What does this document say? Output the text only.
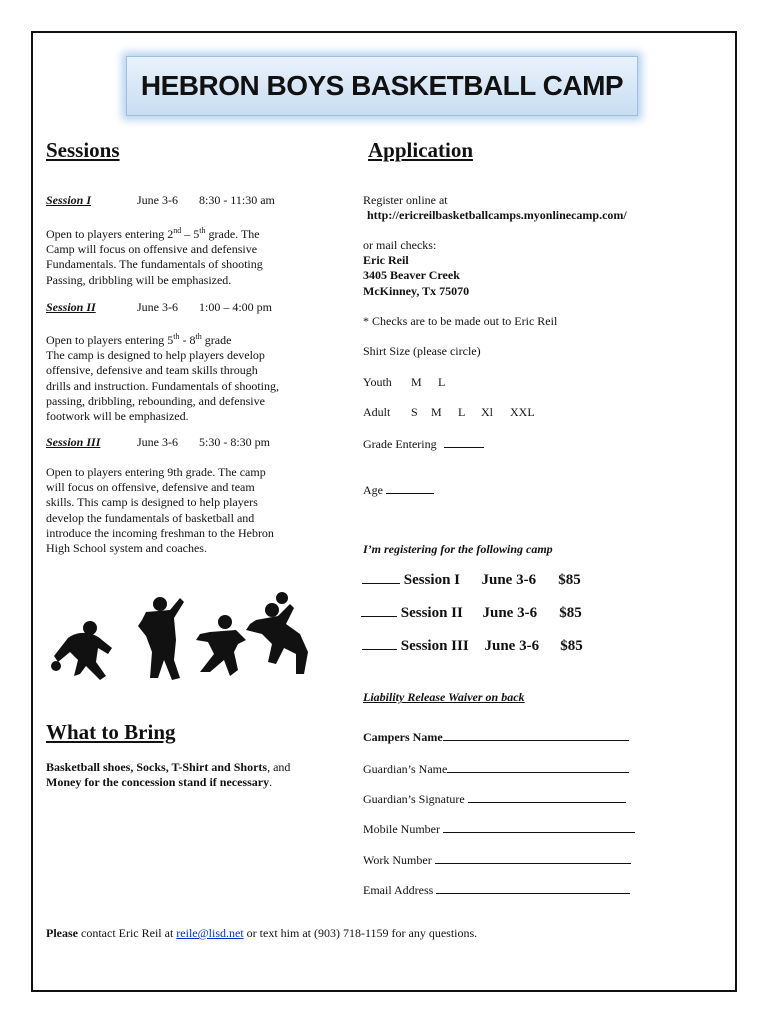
HEBRON BOYS BASKETBALL CAMP
Sessions
Session I	June 3-6 8:30 - 11:30 am
Open to players entering 2nd – 5th grade. The
Camp will focus on offensive and defensive
Fundamentals. The fundamentals of shooting
Passing, dribbling will be emphasized.
Session II	June 3-6 1:00 – 4:00 pm
Open to players entering 5th - 8th grade
The camp is designed to help players develop
offensive, defensive and team skills through
drills and instruction. Fundamentals of shooting,
passing, dribbling, rebounding, and defensive
footwork will be emphasized.
Session III	June 3-6 5:30 - 8:30 pm
Open to players entering 9th grade. The camp
will focus on offensive, defensive and team
skills. This camp is designed to help players
develop the fundamentals of basketball and
introduce the incoming freshman to the Hebron
High School system and coaches.
What to Bring
Basketball shoes, Socks, T-Shirt and Shorts, and
Money for the concession stand if necessary.
Application
Register online at
http://ericreilbasketballcamps.myonlinecamp.com/
or mail checks:
Eric Reil
3405 Beaver Creek
McKinney, Tx 75070
* Checks are to be made out to Eric Reil
Shirt Size (please circle)
Youth M L
Adult S M L Xl XXL
Grade Entering
Age
I’m registering for the following camp
Session I June 3-6 $85
Session II June 3-6 $85
Session III June 3-6 $85
Liability Release Waiver on back
Campers Name
Guardian’s Name
Guardian’s Signature
Mobile Number
Work Number
Email Address
Please contact Eric Reil at reile@lisd.net or text him at (903) 718-1159 for any questions.
